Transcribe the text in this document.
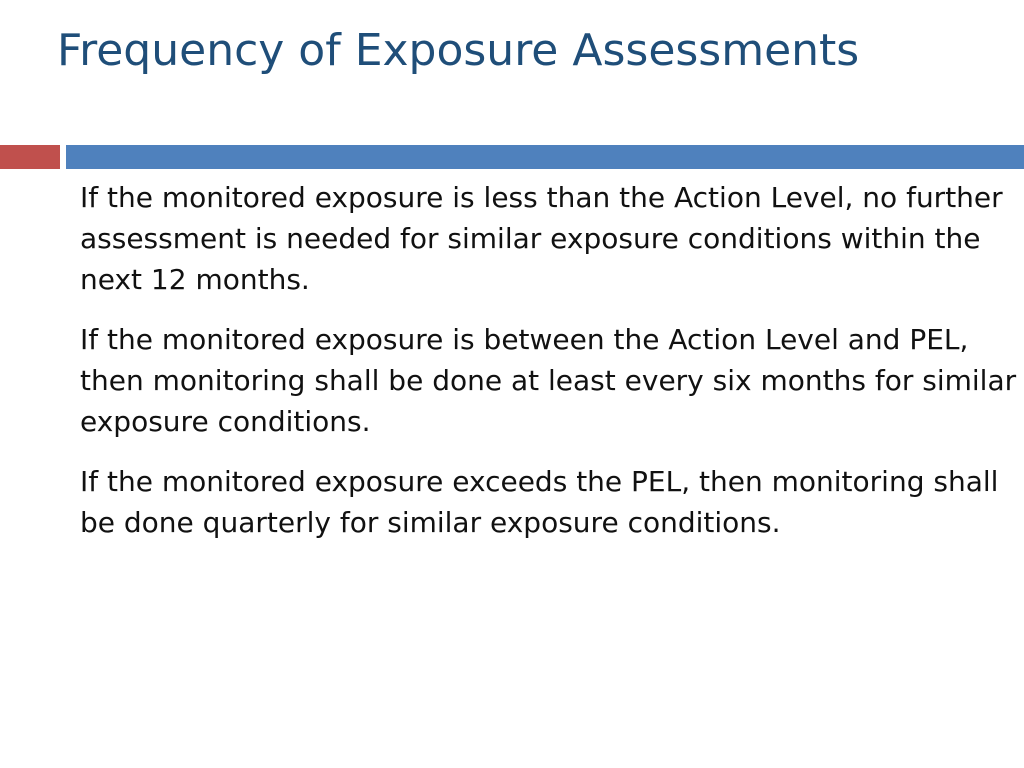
Frequency of Exposure Assessments

If the monitored exposure is less than the Action Level, no further assessment is needed for similar exposure conditions within the next 12 months.

If the monitored exposure is between the Action Level and PEL, then monitoring shall be done at least every six months for similar exposure conditions.

If the monitored exposure exceeds the PEL, then monitoring shall be done quarterly for similar exposure conditions.
